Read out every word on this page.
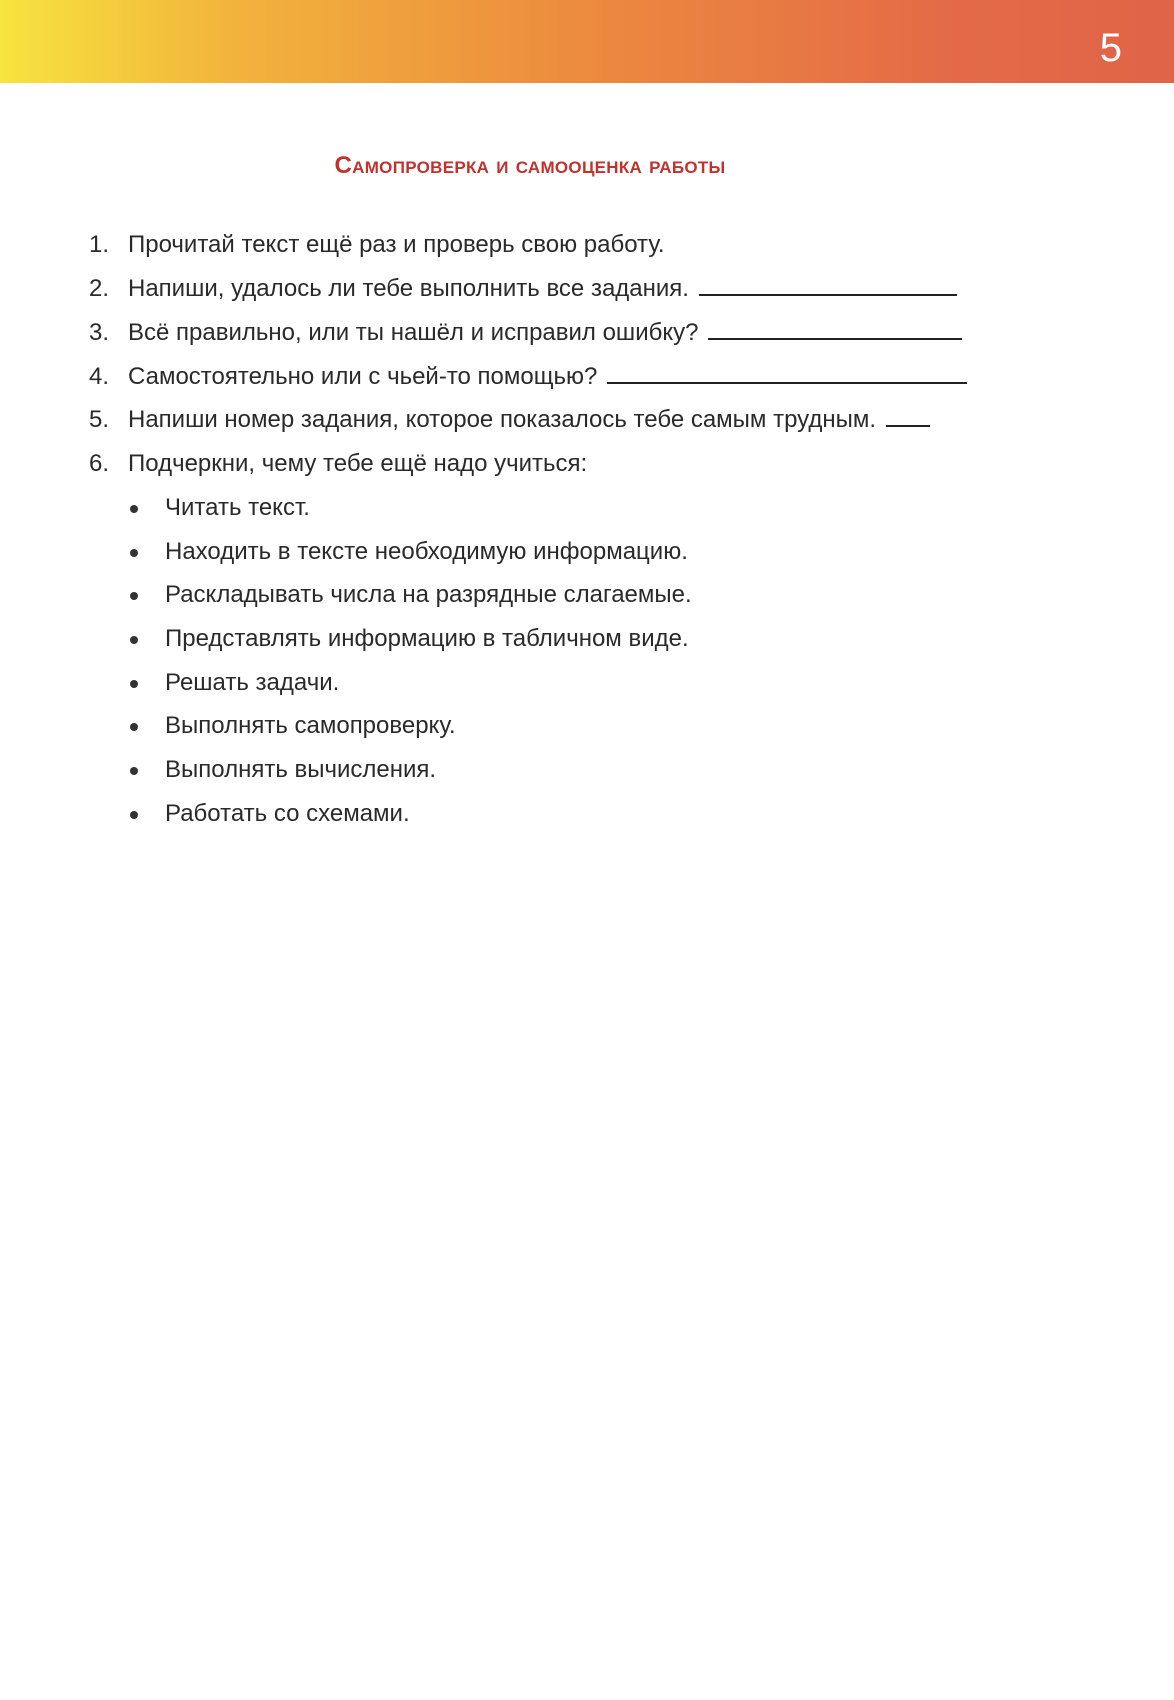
5
Самопроверка и самооценка работы
1. Прочитай текст ещё раз и проверь свою работу.
2. Напиши, удалось ли тебе выполнить все задания.
3. Всё правильно, или ты нашёл и исправил ошибку?
4. Самостоятельно или с чьей-то помощью?
5. Напиши номер задания, которое показалось тебе самым трудным.
6. Подчеркни, чему тебе ещё надо учиться:
Читать текст.
Находить в тексте необходимую информацию.
Раскладывать числа на разрядные слагаемые.
Представлять информацию в табличном виде.
Решать задачи.
Выполнять самопроверку.
Выполнять вычисления.
Работать со схемами.
